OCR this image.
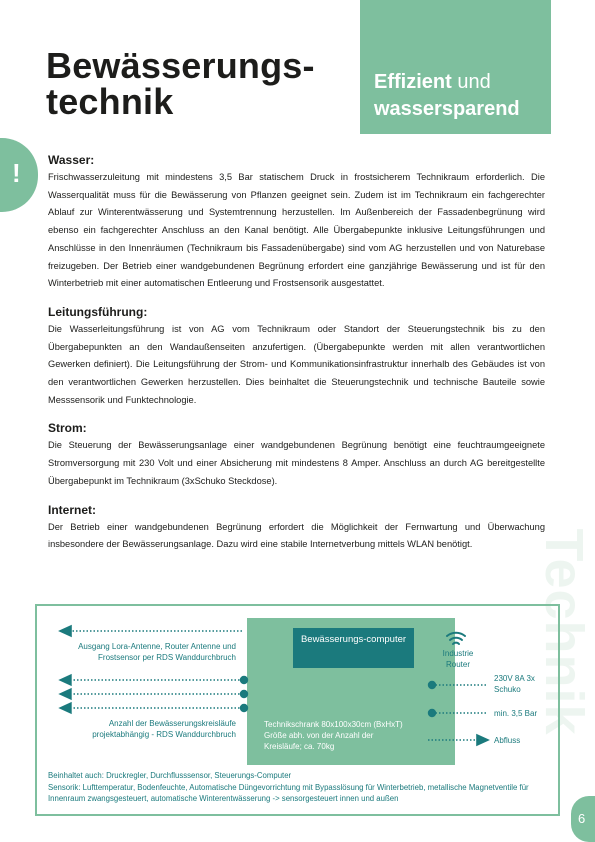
Effizient und
wassersparend
Bewässerungs-
technik
!
Technik
Wasser:

Frischwasserzuleitung mit mindestens 3,5 Bar statischem Druck in frostsicherem Technikraum erforderlich. Die Wasserqualität muss für die Bewässerung von Pflanzen geeignet sein. Zudem ist im Technikraum ein fachgerechter Ablauf zur Winterentwässerung und Systemtrennung herzustellen. Im Außenbereich der Fassadenbegrünung wird ebenso ein fachgerechter Anschluss an den Kanal benötigt. Alle Übergabepunkte inklusive Leitungsführungen und Anschlüsse in den Innenräumen (Technikraum bis Fassadenübergabe) sind vom AG herzustellen und von Naturebase freizugeben. Der Betrieb einer wandgebundenen Begrünung erfordert eine ganzjährige Bewässerung und ist für den Winterbetrieb mit einer automatischen Entleerung und Frostsensorik ausgestattet.

Leitungsführung:

Die Wasserleitungsführung ist von AG vom Technikraum oder Standort der Steuerungstechnik bis zu den Übergabepunkten an den Wandaußenseiten anzufertigen. (Übergabepunkte werden mit allen verantwortlichen Gewerken definiert). Die Leitungsführung der Strom- und Kommunikationsinfrastruktur innerhalb des Gebäudes ist von den verantwortlichen Gewerken herzustellen. Dies beinhaltet die Steuerungstechnik und technische Bauteile sowie Messsensorik und Funktechnologie.

Strom:

Die Steuerung der Bewässerungsanlage einer wandgebundenen Begrünung benötigt eine feuchtraumgeeignete Stromversorgung mit 230 Volt und einer Absicherung mit mindestens 8 Amper. Anschluss an durch AG bereitgestellte Übergabepunkt im Technikraum (3xSchuko Steckdose).

Internet:

Der Betrieb einer wandgebundenen Begrünung erfordert die Möglichkeit der Fernwartung und Überwachung insbesondere der Bewässerungsanlage. Dazu wird eine stabile Internetverbung mittels WLAN benötigt.

Bewässerungs-computer
Ausgang Lora-Antenne, Router Antenne und Frostsensor per RDS Wanddurchbruch
Anzahl der Bewässerungskreisläufe projektabhängig - RDS Wanddurchbruch
Technikschrank 80x100x30cm (BxHxT) Größe abh. von der Anzahl der Kreisläufe; ca. 70kg
Industrie Router
230V 8A 3x Schuko
min. 3,5 Bar
Abfluss

Beinhaltet auch: Druckregler, Durchflusssensor, Steuerungs-Computer

Sensorik: Lufttemperatur, Bodenfeuchte, Automatische Düngevorrichtung mit Bypasslösung für Winterbetrieb, metallische Magnetventile für Innenraum zwangsgesteuert, automatische Winterentwässerung -> sensorgesteuert innen und außen

6
